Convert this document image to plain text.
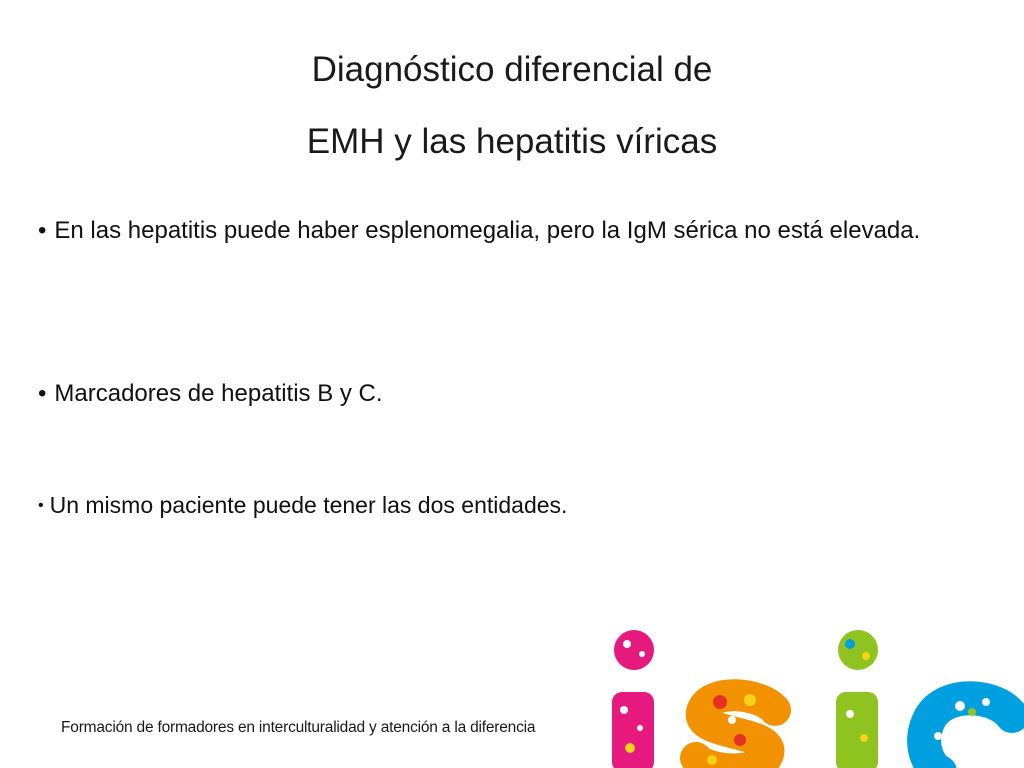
Diagnóstico diferencial de
EMH y las hepatitis víricas
• En las hepatitis puede haber esplenomegalia, pero la IgM sérica no está elevada.
• Marcadores de hepatitis B y C.
• Un mismo paciente puede tener las dos entidades.
Formación de formadores en interculturalidad y atención a la diferencia
